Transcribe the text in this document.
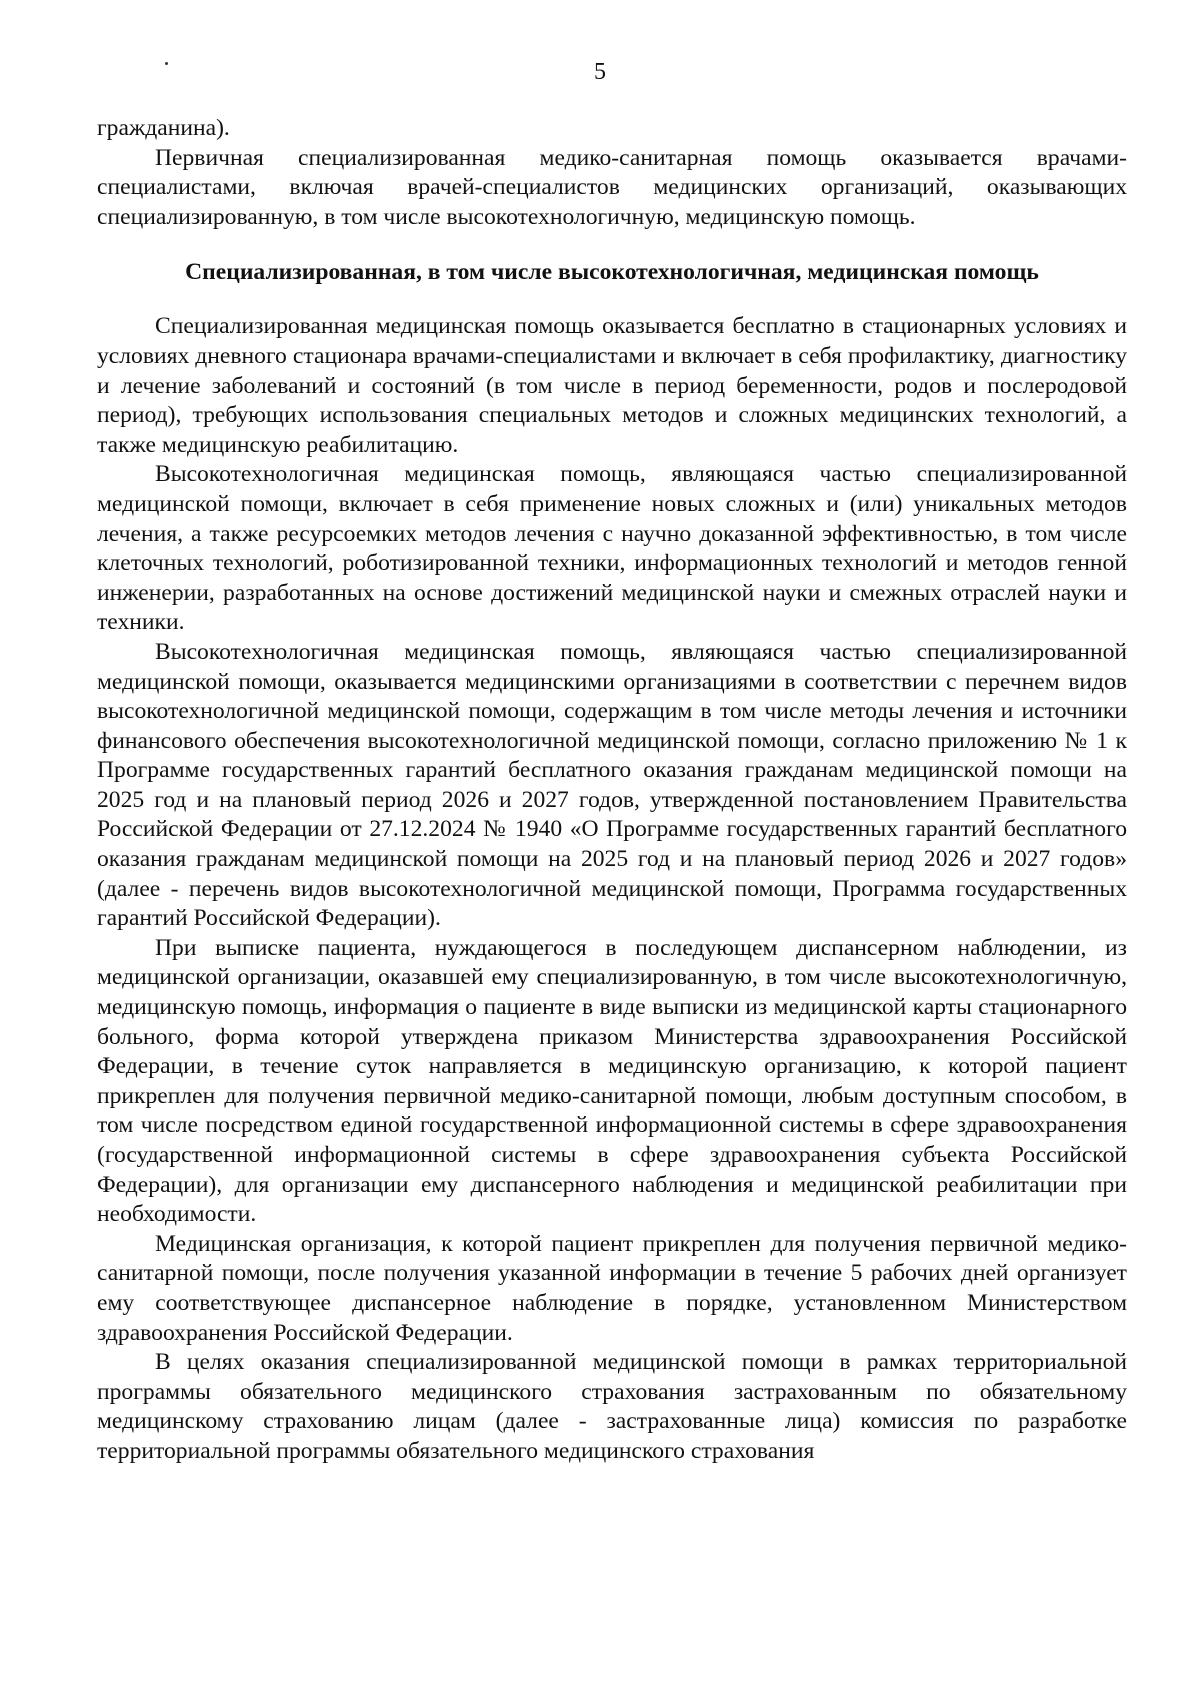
5

гражданина).

Первичная специализированная медико-санитарная помощь оказывается врачами-специалистами, включая врачей-специалистов медицинских организаций, оказывающих специализированную, в том числе высокотехнологичную, медицинскую помощь.

Специализированная, в том числе высокотехнологичная, медицинская помощь

Специализированная медицинская помощь оказывается бесплатно в стационарных условиях и условиях дневного стационара врачами-специалистами и включает в себя профилактику, диагностику и лечение заболеваний и состояний (в том числе в период беременности, родов и послеродовой период), требующих использования специальных методов и сложных медицинских технологий, а также медицинскую реабилитацию.

Высокотехнологичная медицинская помощь, являющаяся частью специализированной медицинской помощи, включает в себя применение новых сложных и (или) уникальных методов лечения, а также ресурсоемких методов лечения с научно доказанной эффективностью, в том числе клеточных технологий, роботизированной техники, информационных технологий и методов генной инженерии, разработанных на основе достижений медицинской науки и смежных отраслей науки и техники.

Высокотехнологичная медицинская помощь, являющаяся частью специализированной медицинской помощи, оказывается медицинскими организациями в соответствии с перечнем видов высокотехнологичной медицинской помощи, содержащим в том числе методы лечения и источники финансового обеспечения высокотехнологичной медицинской помощи, согласно приложению № 1 к Программе государственных гарантий бесплатного оказания гражданам медицинской помощи на 2025 год и на плановый период 2026 и 2027 годов, утвержденной постановлением Правительства Российской Федерации от 27.12.2024 № 1940 «О Программе государственных гарантий бесплатного оказания гражданам медицинской помощи на 2025 год и на плановый период 2026 и 2027 годов» (далее - перечень видов высокотехнологичной медицинской помощи, Программа государственных гарантий Российской Федерации).

При выписке пациента, нуждающегося в последующем диспансерном наблюдении, из медицинской организации, оказавшей ему специализированную, в том числе высокотехнологичную, медицинскую помощь, информация о пациенте в виде выписки из медицинской карты стационарного больного, форма которой утверждена приказом Министерства здравоохранения Российской Федерации, в течение суток направляется в медицинскую организацию, к которой пациент прикреплен для получения первичной медико-санитарной помощи, любым доступным способом, в том числе посредством единой государственной информационной системы в сфере здравоохранения (государственной информационной системы в сфере здравоохранения субъекта Российской Федерации), для организации ему диспансерного наблюдения и медицинской реабилитации при необходимости.

Медицинская организация, к которой пациент прикреплен для получения первичной медико-санитарной помощи, после получения указанной информации в течение 5 рабочих дней организует ему соответствующее диспансерное наблюдение в порядке, установленном Министерством здравоохранения Российской Федерации.

В целях оказания специализированной медицинской помощи в рамках территориальной программы обязательного медицинского страхования застрахованным по обязательному медицинскому страхованию лицам (далее - застрахованные лица) комиссия по разработке территориальной программы обязательного медицинского страхования
